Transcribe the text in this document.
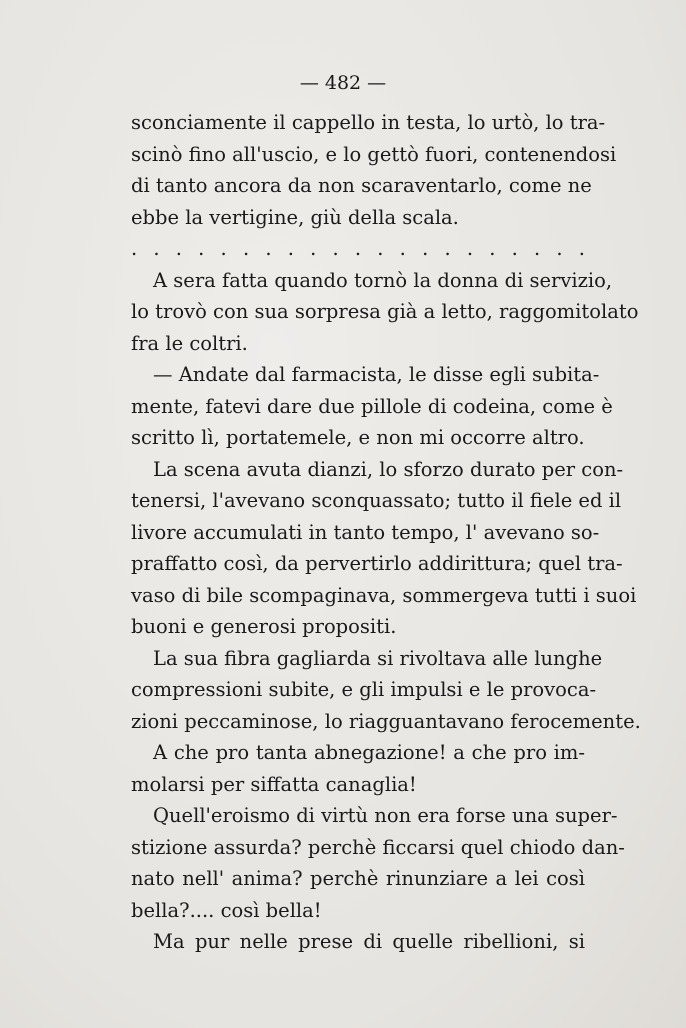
— 482 —
sconciamente il cappello in testa, lo urtò, lo tra-
scinò fino all'uscio, e lo gettò fuori, contenendosi
di tanto ancora da non scaraventarlo, come ne
ebbe la vertigine, giù della scala.
. . . . . . . . . . . . . . . . . . . . .
A sera fatta quando tornò la donna di servizio,
lo trovò con sua sorpresa già a letto, raggomitolato
fra le coltri.
— Andate dal farmacista, le disse egli subita-
mente, fatevi dare due pillole di codeina, come è
scritto lì, portatemele, e non mi occorre altro.
La scena avuta dianzi, lo sforzo durato per con-
tenersi, l'avevano sconquassato; tutto il fiele ed il
livore accumulati in tanto tempo, l' avevano so-
praffatto così, da pervertirlo addirittura; quel tra-
vaso di bile scompaginava, sommergeva tutti i suoi
buoni e generosi propositi.
La sua fibra gagliarda si rivoltava alle lunghe
compressioni subite, e gli impulsi e le provoca-
zioni peccaminose, lo riagguantavano ferocemente.
A che pro tanta abnegazione! a che pro im-
molarsi per siffatta canaglia!
Quell'eroismo di virtù non era forse una super-
stizione assurda? perchè ficcarsi quel chiodo dan-
nato nell' anima? perchè rinunziare a lei così
bella?.... così bella!
Ma pur nelle prese di quelle ribellioni, si
